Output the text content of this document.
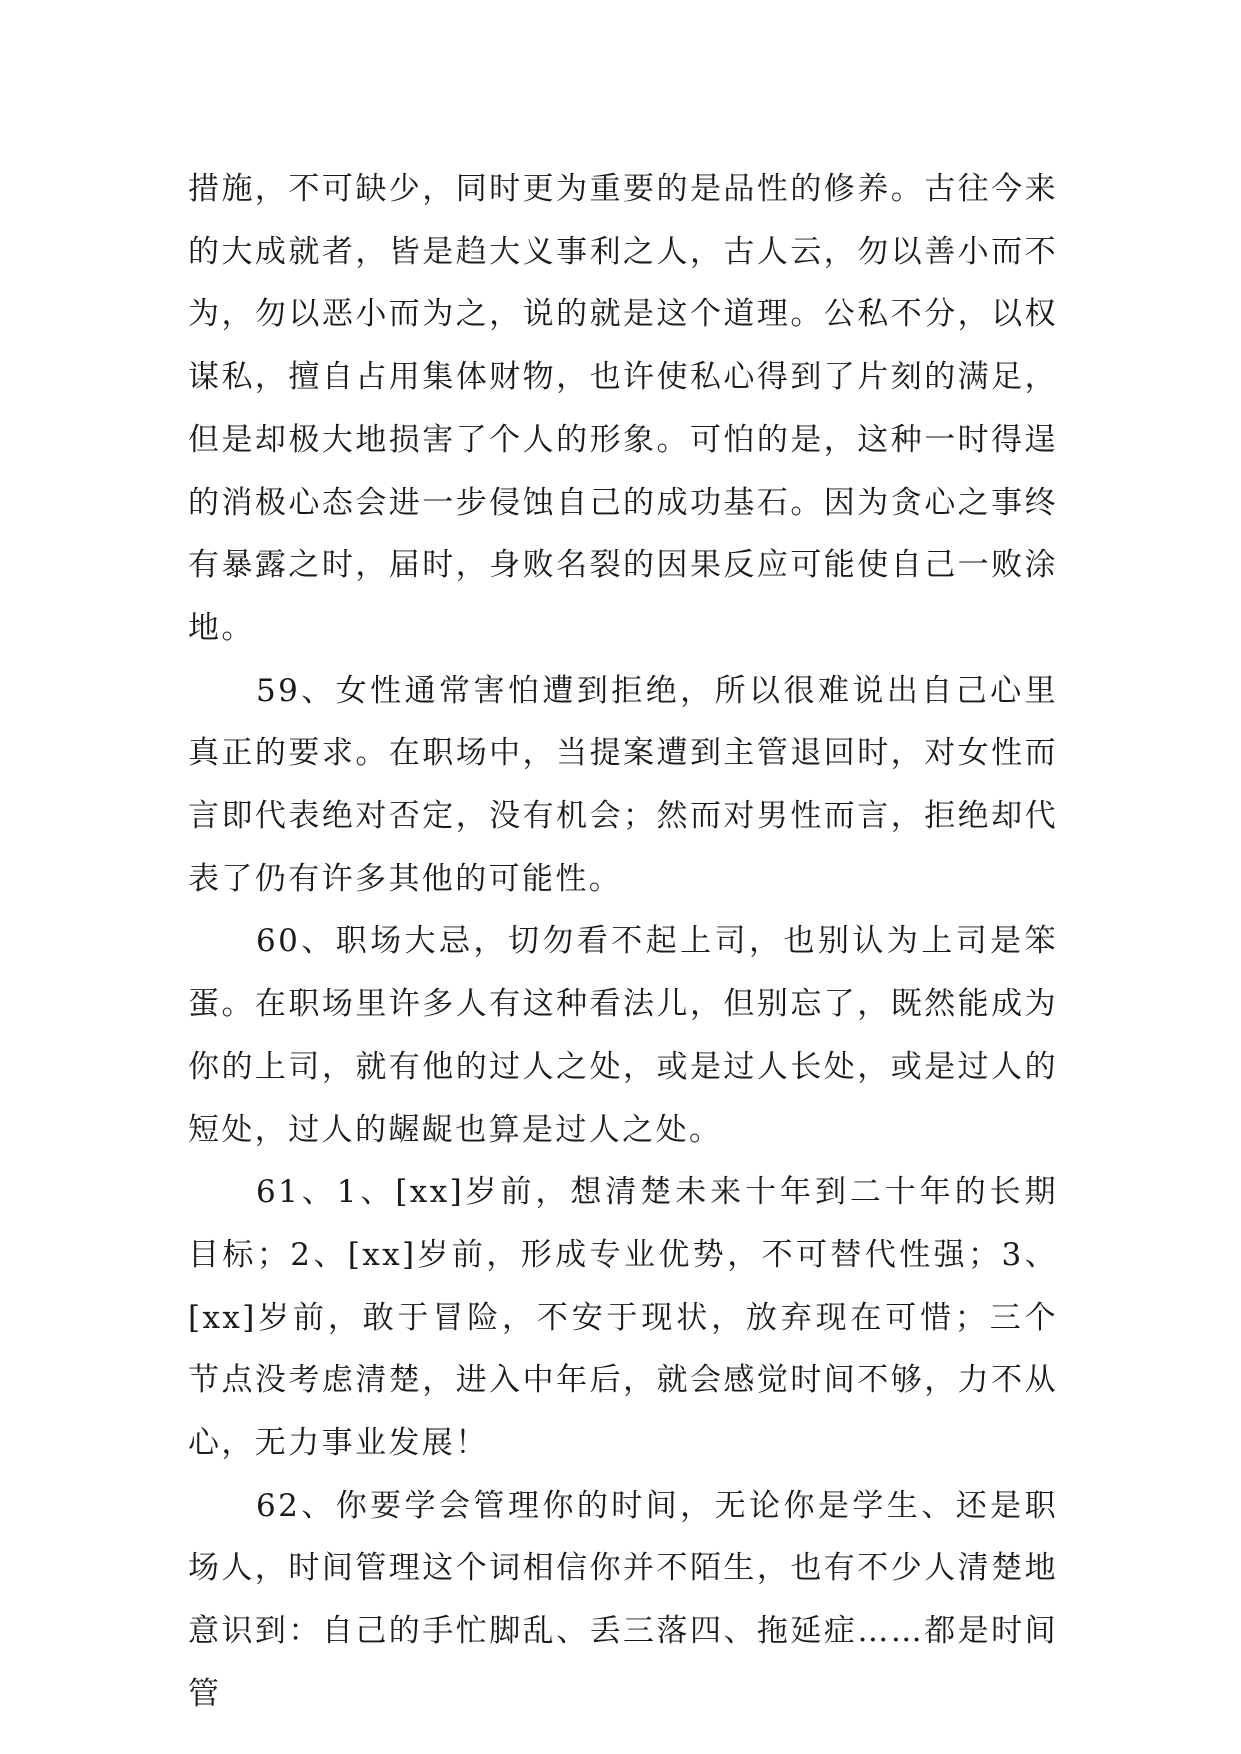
措施，不可缺少，同时更为重要的是品性的修养。古往今来的大成就者，皆是趋大义事利之人，古人云，勿以善小而不为，勿以恶小而为之，说的就是这个道理。公私不分，以权谋私，擅自占用集体财物，也许使私心得到了片刻的满足，但是却极大地损害了个人的形象。可怕的是，这种一时得逞的消极心态会进一步侵蚀自己的成功基石。因为贪心之事终有暴露之时，届时，身败名裂的因果反应可能使自己一败涂地。

59、女性通常害怕遭到拒绝，所以很难说出自己心里真正的要求。在职场中，当提案遭到主管退回时，对女性而言即代表绝对否定，没有机会；然而对男性而言，拒绝却代表了仍有许多其他的可能性。

60、职场大忌，切勿看不起上司，也别认为上司是笨蛋。在职场里许多人有这种看法儿，但别忘了，既然能成为你的上司，就有他的过人之处，或是过人长处，或是过人的短处，过人的龌龊也算是过人之处。

61、1、[xx]岁前，想清楚未来十年到二十年的长期目标；2、[xx]岁前，形成专业优势，不可替代性强；3、[xx]岁前，敢于冒险，不安于现状，放弃现在可惜；三个节点没考虑清楚，进入中年后，就会感觉时间不够，力不从心，无力事业发展！

62、你要学会管理你的时间，无论你是学生、还是职场人，时间管理这个词相信你并不陌生，也有不少人清楚地意识到：自己的手忙脚乱、丢三落四、拖延症……都是时间管
